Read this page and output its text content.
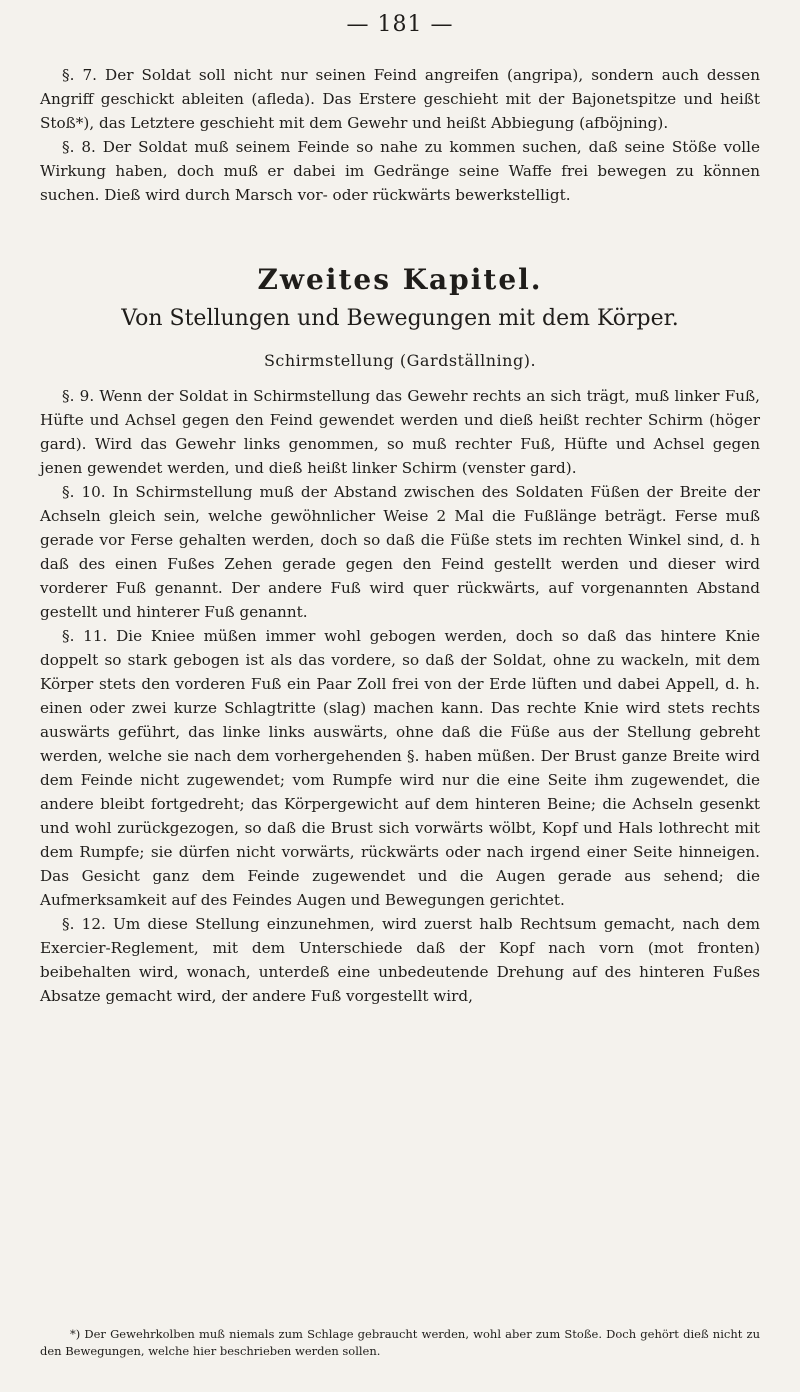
— 181 —

§. 7. Der Soldat soll nicht nur seinen Feind angreifen (angripa), sondern auch dessen Angriff geschickt ableiten (afleda). Das Erstere geschieht mit der Bajonetspitze und heißt Stoß*), das Letztere geschieht mit dem Gewehr und heißt Abbiegung (afböjning).

§. 8. Der Soldat muß seinem Feinde so nahe zu kommen suchen, daß seine Stöße volle Wirkung haben, doch muß er dabei im Gedränge seine Waffe frei bewegen zu können suchen. Dieß wird durch Marsch vor- oder rückwärts bewerkstelligt.

Zweites Kapitel.
Von Stellungen und Bewegungen mit dem Körper.
Schirmstellung (Gardställning).

§. 9. Wenn der Soldat in Schirmstellung das Gewehr rechts an sich trägt, muß linker Fuß, Hüfte und Achsel gegen den Feind gewendet werden und dieß heißt rechter Schirm (höger gard). Wird das Gewehr links genommen, so muß rechter Fuß, Hüfte und Achsel gegen jenen gewendet werden, und dieß heißt linker Schirm (venster gard).

§. 10. In Schirmstellung muß der Abstand zwischen des Soldaten Füßen der Breite der Achseln gleich sein, welche gewöhnlicher Weise 2 Mal die Fußlänge beträgt. Ferse muß gerade vor Ferse gehalten werden, doch so daß die Füße stets im rechten Winkel sind, d. h daß des einen Fußes Zehen gerade gegen den Feind gestellt werden und dieser wird vorderer Fuß genannt. Der andere Fuß wird quer rückwärts, auf vorgenannten Abstand gestellt und hinterer Fuß genannt.

§. 11. Die Kniee müßen immer wohl gebogen werden, doch so daß das hintere Knie doppelt so stark gebogen ist als das vordere, so daß der Soldat, ohne zu wackeln, mit dem Körper stets den vorderen Fuß ein Paar Zoll frei von der Erde lüften und dabei Appell, d. h. einen oder zwei kurze Schlagtritte (slag) machen kann. Das rechte Knie wird stets rechts auswärts geführt, das linke links auswärts, ohne daß die Füße aus der Stellung gebreht werden, welche sie nach dem vorhergehenden §. haben müßen. Der Brust ganze Breite wird dem Feinde nicht zugewendet; vom Rumpfe wird nur die eine Seite ihm zugewendet, die andere bleibt fortgedreht; das Körpergewicht auf dem hinteren Beine; die Achseln gesenkt und wohl zurückgezogen, so daß die Brust sich vorwärts wölbt, Kopf und Hals lothrecht mit dem Rumpfe; sie dürfen nicht vorwärts, rückwärts oder nach irgend einer Seite hinneigen. Das Gesicht ganz dem Feinde zugewendet und die Augen gerade aus sehend; die Aufmerksamkeit auf des Feindes Augen und Bewegungen gerichtet.

§. 12. Um diese Stellung einzunehmen, wird zuerst halb Rechtsum gemacht, nach dem Exercier-Reglement, mit dem Unterschiede daß der Kopf nach vorn (mot fronten) beibehalten wird, wonach, unterdeß eine unbedeutende Drehung auf des hinteren Fußes Absatze gemacht wird, der andere Fuß vorgestellt wird,

*) Der Gewehrkolben muß niemals zum Schlage gebraucht werden, wohl aber zum Stoße. Doch gehört dieß nicht zu den Bewegungen, welche hier beschrieben werden sollen.
